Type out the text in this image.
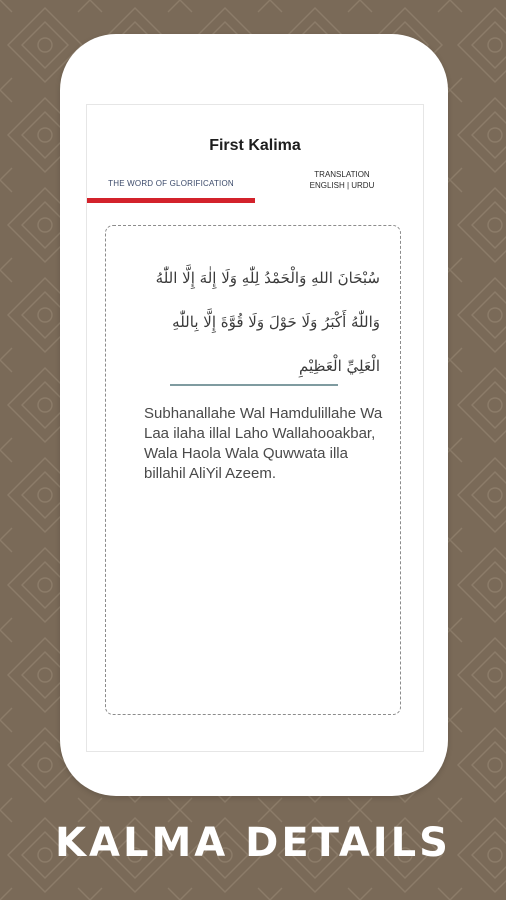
First Kalima
THE WORD OF GLORIFICATION
TRANSLATION
ENGLISH | URDU
سُبْحَانَ اللهِ وَالْحَمْدُ لِلّٰهِ وَلَا إِلٰهَ إِلَّا اللّٰهُ
وَاللّٰهُ أَكْبَرُ وَلَا حَوْلَ وَلَا قُوَّةَ إِلَّا بِاللّٰهِ
الْعَلِيِّ الْعَظِيْمِ
Subhanallahe Wal Hamdulillahe Wa Laa ilaha illal Laho Wallahooakbar, Wala Haola Wala Quwwata illa billahil AliYil Azeem.
KALMA DETAILS
